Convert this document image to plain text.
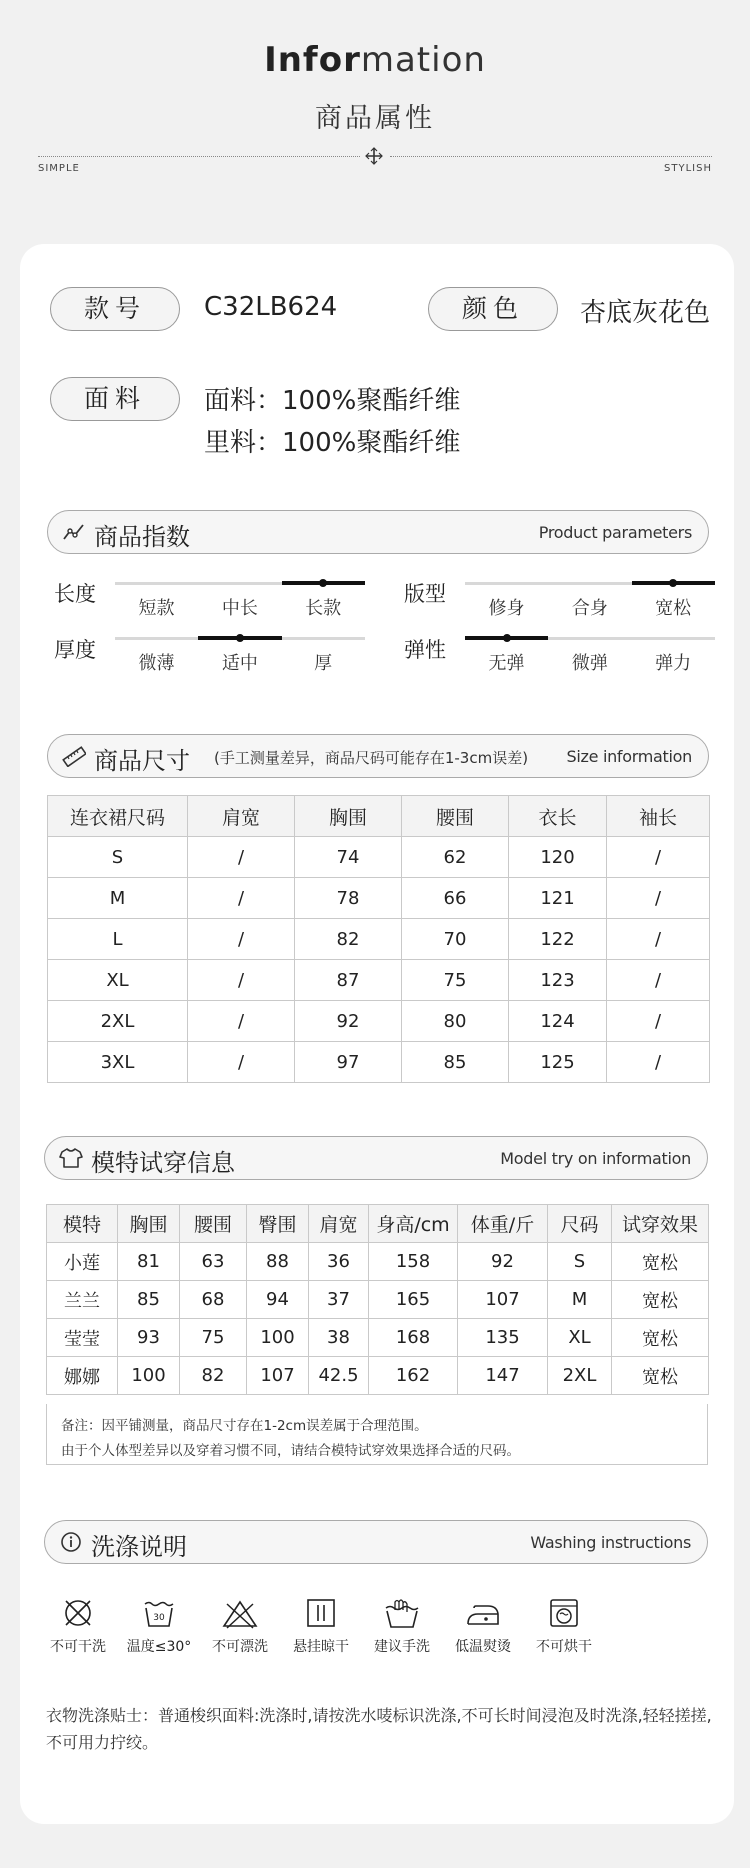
Information
商品属性
SIMPLE	STYLISH
款号	C32LB624	颜色	杏底灰花色
面料	面料：100%聚酯纤维
里料：100%聚酯纤维
商品指数	Product parameters
长度
短款	中长	长款
版型
修身	合身	宽松
厚度
微薄	适中	厚
弹性
无弹	微弹	弹力
商品尺寸 (手工测量差异，商品尺码可能存在1-3cm误差) Size information
连衣裙尺码	肩宽	胸围	腰围	衣长	袖长
S	/	74	62	120	/
M	/	78	66	121	/
L	/	82	70	122	/
XL	/	87	75	123	/
2XL	/	92	80	124	/
3XL	/	97	85	125	/
模特试穿信息	Model try on information
模特	胸围	腰围	臀围	肩宽	身高/cm	体重/斤	尺码	试穿效果
小莲	81	63	88	36	158	92	S	宽松
兰兰	85	68	94	37	165	107	M	宽松
莹莹	93	75	100	38	168	135	XL	宽松
娜娜	100	82	107	42.5	162	147	2XL	宽松
备注：因平铺测量，商品尺寸存在1-2cm误差属于合理范围。
由于个人体型差异以及穿着习惯不同，请结合模特试穿效果选择合适的尺码。
洗涤说明	Washing instructions
不可干洗
30
温度≤30°	不可漂洗	悬挂晾干	建议手洗	低温熨烫	不可烘干
衣物洗涤贴士：普通梭织面料:洗涤时,请按洗水唛标识洗涤,不可长时间浸泡及时洗涤,轻轻搓搓,不可用力拧绞。
